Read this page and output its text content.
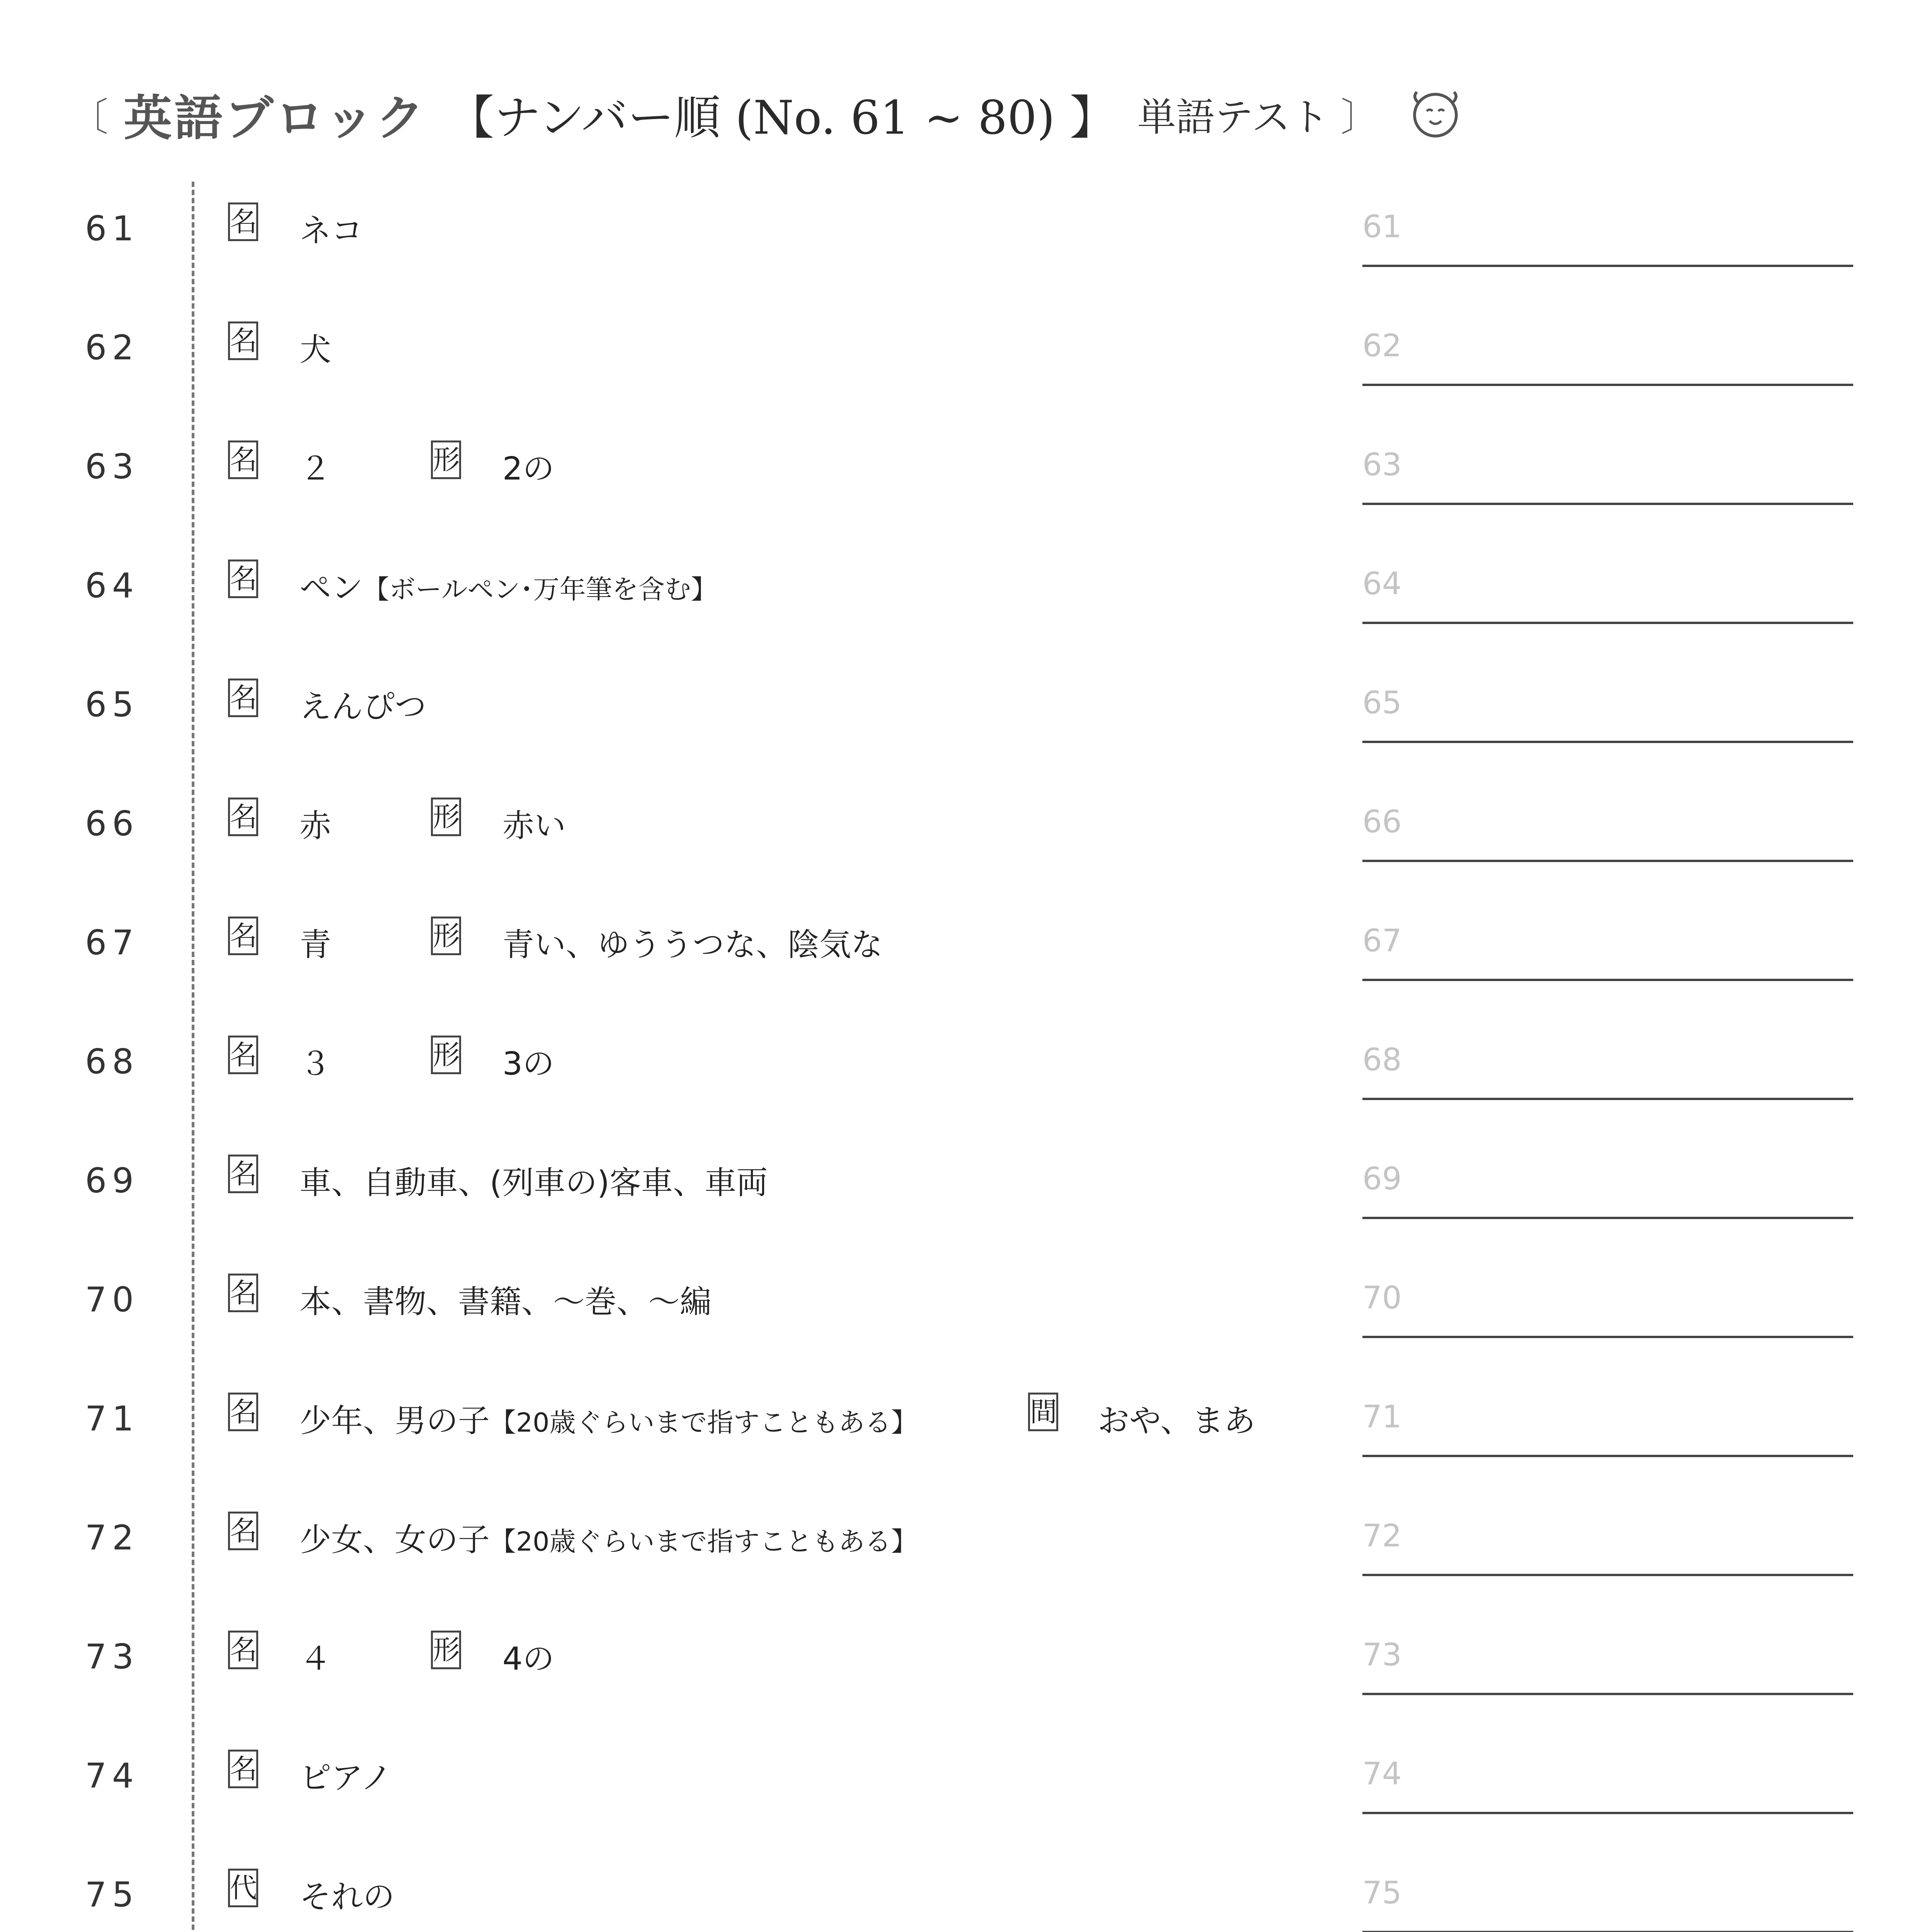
〔 英語ブロック 【ナンバー順 (No. 61 ~ 80) 】 単語テスト 〕
61	名 ネコ	61
62	名 犬	62
63	名 ２	形 2の	63
64	名 ペン【ボールペン･万年筆を含む】	64
65	名 えんぴつ	65
66	名 赤	形 赤い	66
67	名 青	形 青い、ゆううつな、陰気な	67
68	名 ３	形 3の	68
69	名 車、自動車、(列車の)客車、車両	69
70	名 本、書物、書籍、～巻、～編	70
71	名 少年、男の子【20歳ぐらいまで指すこともある】	間 おや、まあ	71
72	名 少女、女の子【20歳ぐらいまで指すこともある】	72
73	名 ４	形 4の	73
74	名 ピアノ	74
75	代 それの	75
